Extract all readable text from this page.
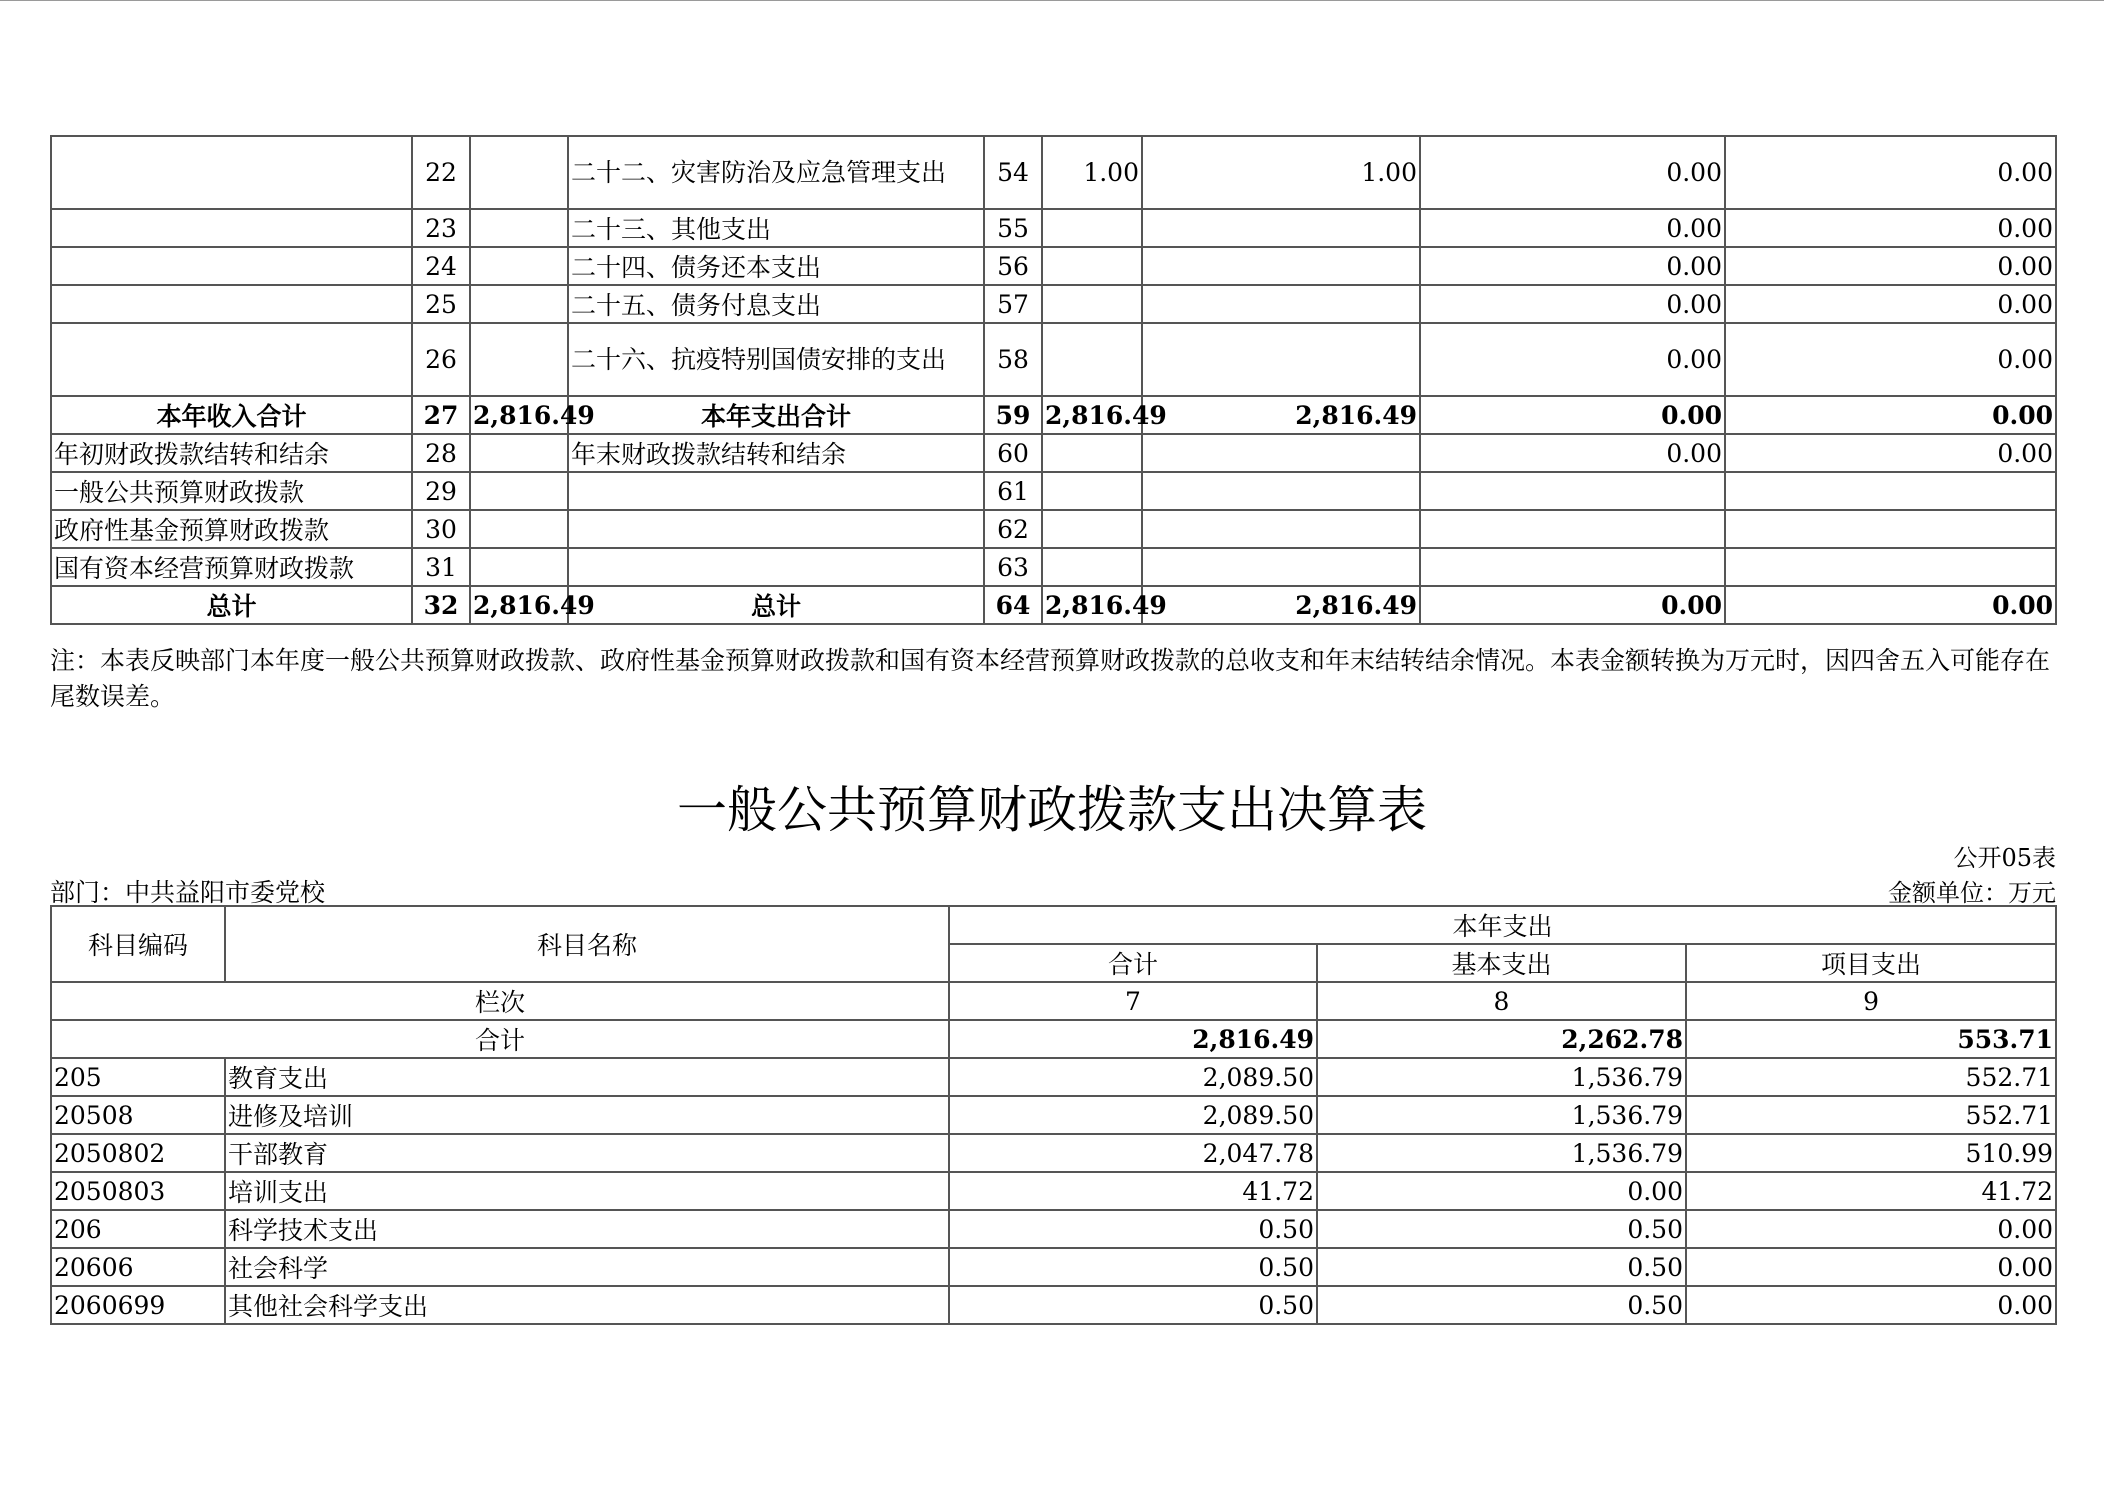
	22		二十二、灾害防治及应急管理支出	54	1.00	1.00	0.00	0.00
	23		二十三、其他支出	55			0.00	0.00
	24		二十四、债务还本支出	56			0.00	0.00
	25		二十五、债务付息支出	57			0.00	0.00
	26		二十六、抗疫特别国债安排的支出	58			0.00	0.00
本年收入合计	27	2,816.49	本年支出合计	59	2,816.49	2,816.49	0.00	0.00
年初财政拨款结转和结余	28		年末财政拨款结转和结余	60			0.00	0.00
一般公共预算财政拨款	29			61				
政府性基金预算财政拨款	30			62				
国有资本经营预算财政拨款	31			63				
总计	32	2,816.49	总计	64	2,816.49	2,816.49	0.00	0.00
注：本表反映部门本年度一般公共预算财政拨款、政府性基金预算财政拨款和国有资本经营预算财政拨款的总收支和年末结转结余情况。本表金额转换为万元时，因四舍五入可能存在尾数误差。
一般公共预算财政拨款支出决算表
公开05表
部门：中共益阳市委党校	金额单位：万元
科目编码	科目名称	本年支出		
		合计	基本支出	项目支出
栏次		7	8	9
合计		2,816.49	2,262.78	553.71
205	教育支出	2,089.50	1,536.79	552.71
20508	进修及培训	2,089.50	1,536.79	552.71
2050802	干部教育	2,047.78	1,536.79	510.99
2050803	培训支出	41.72	0.00	41.72
206	科学技术支出	0.50	0.50	0.00
20606	社会科学	0.50	0.50	0.00
2060699	其他社会科学支出	0.50	0.50	0.00
